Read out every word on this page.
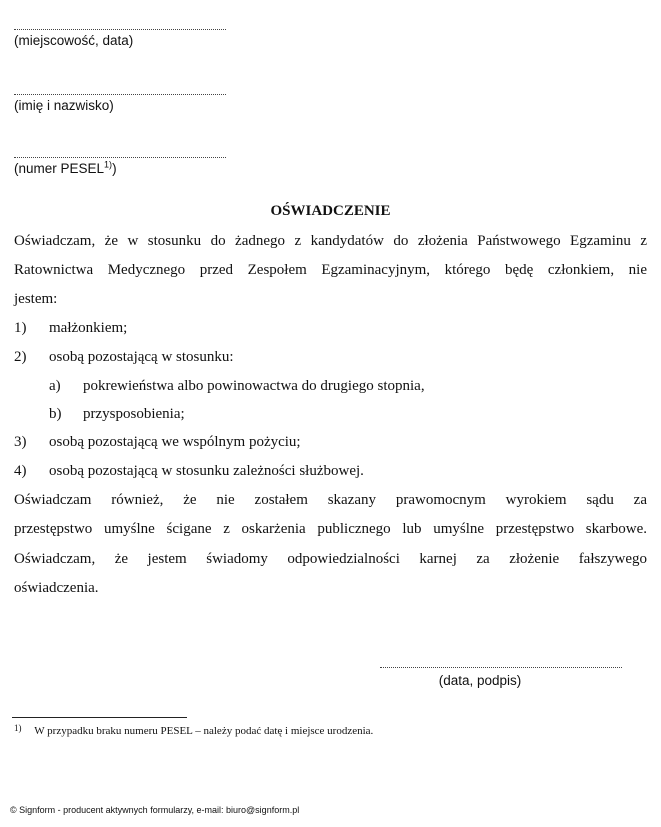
(miejscowość, data)
(imię i nazwisko)
(numer PESEL$^{1)}$)
OŚWIADCZENIE
Oświadczam, że w stosunku do żadnego z kandydatów do złożenia Państwowego Egzaminu z
Ratownictwa Medycznego przed Zespołem Egzaminacyjnym, którego będę członkiem, nie
jestem:
1) małżonkiem;
2) osobą pozostającą w stosunku:
a) pokrewieństwa albo powinowactwa do drugiego stopnia,
b) przysposobienia;
3) osobą pozostającą we wspólnym pożyciu;
4) osobą pozostającą w stosunku zależności służbowej.
Oświadczam również, że nie zostałem skazany prawomocnym wyrokiem sądu za
przestępstwo umyślne ścigane z oskarżenia publicznego lub umyślne przestępstwo skarbowe.
Oświadczam, że jestem świadomy odpowiedzialności karnej za złożenie fałszywego
oświadczenia.
(data, podpis)
$^{1)}$ W przypadku braku numeru PESEL – należy podać datę i miejsce urodzenia.
© Signform - producent aktywnych formularzy, e-mail: biuro@signform.pl
